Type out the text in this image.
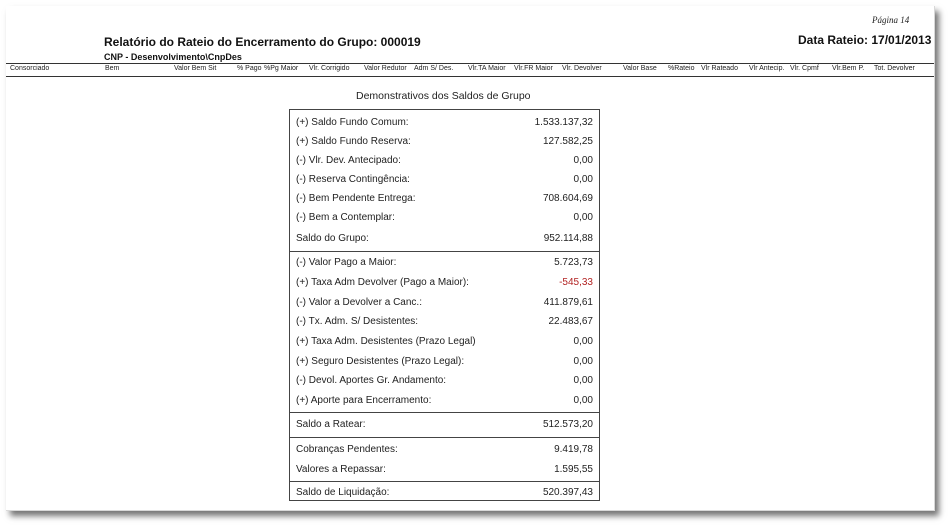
Página 14
Relatório do Rateio do Encerramento do Grupo: 000019	Data Rateio: 17/01/2013
CNP - Desenvolvimento\CnpDes
Consorciado	Bem	Valor Bem Sit	% Pago %Pg Maior Vlr. Corrigido Valor Redutor Adm S/ Des. Vlr.TA Maior Vlr.FR Maior Vlr. Devolver	Valor Base %Rateio Vlr Rateado Vlr Antecip. Vlr. Cpmf Vlr.Bem P. Tot. Devolver
Demonstrativos dos Saldos de Grupo
(+) Saldo Fundo Comum:	1.533.137,32
(+) Saldo Fundo Reserva:	127.582,25
(-) Vlr. Dev. Antecipado:	0,00
(-) Reserva Contingência:	0,00
(-) Bem Pendente Entrega:	708.604,69
(-) Bem a Contemplar:	0,00
Saldo do Grupo:	952.114,88
(-) Valor Pago a Maior:	5.723,73
(+) Taxa Adm Devolver (Pago a Maior):	-545,33
(-) Valor a Devolver a Canc.:	411.879,61
(-) Tx. Adm. S/ Desistentes:	22.483,67
(+) Taxa Adm. Desistentes (Prazo Legal)	0,00
(+) Seguro Desistentes (Prazo Legal):	0,00
(-) Devol. Aportes Gr. Andamento:	0,00
(+) Aporte para Encerramento:	0,00
Saldo a Ratear:	512.573,20
Cobranças Pendentes:	9.419,78
Valores a Repassar:	1.595,55
Saldo de Liquidação:	520.397,43
